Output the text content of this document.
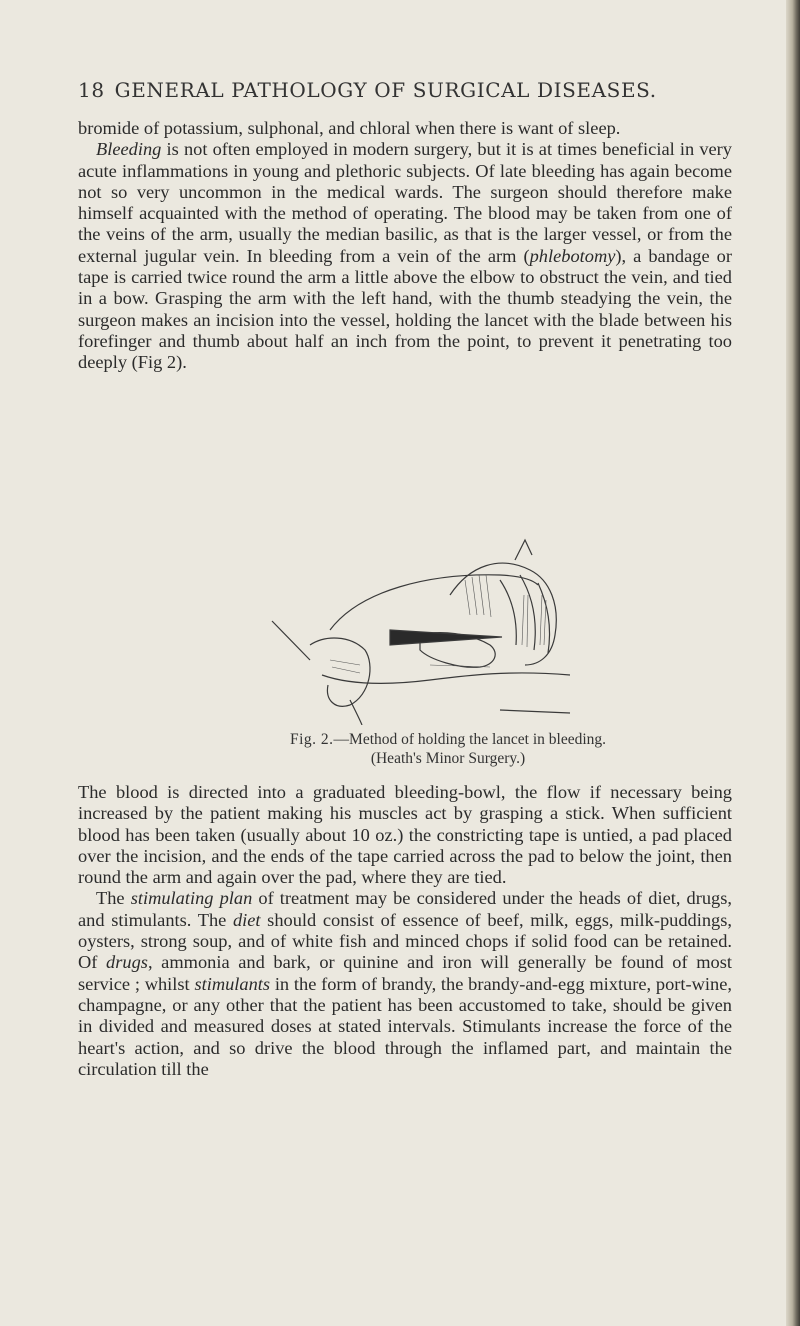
18 GENERAL PATHOLOGY OF SURGICAL DISEASES.

bromide of potassium, sulphonal, and chloral when there is want of sleep.

Bleeding is not often employed in modern surgery, but it is at times beneficial in very acute inflammations in young and plethoric subjects. Of late bleeding has again become not so very uncommon in the medical wards. The surgeon should therefore make himself acquainted with the method of operating. The blood may be taken from one of the veins of the arm, usually the median basilic, as that is the larger vessel, or from the external jugular vein. In bleeding from a vein of the arm (phlebotomy), a bandage or tape is carried twice round the arm a little above the elbow to obstruct the vein, and tied in a bow. Grasping the arm with the left hand, with the thumb steadying the vein, the surgeon makes an incision into the vessel, holding the lancet with the blade between his forefinger and thumb about half an inch from the point, to prevent it penetrating too deeply (Fig 2).

Fig. 2.—Method of holding the lancet in bleeding.
(Heath's Minor Surgery.)

The blood is directed into a graduated bleeding-bowl, the flow if necessary being increased by the patient making his muscles act by grasping a stick. When sufficient blood has been taken (usually about 10 oz.) the constricting tape is untied, a pad placed over the incision, and the ends of the tape carried across the pad to below the joint, then round the arm and again over the pad, where they are tied.

The stimulating plan of treatment may be considered under the heads of diet, drugs, and stimulants. The diet should consist of essence of beef, milk, eggs, milk-puddings, oysters, strong soup, and of white fish and minced chops if solid food can be retained. Of drugs, ammonia and bark, or quinine and iron will generally be found of most service ; whilst stimulants in the form of brandy, the brandy-and-egg mixture, port-wine, champagne, or any other that the patient has been accustomed to take, should be given in divided and measured doses at stated intervals. Stimulants increase the force of the heart's action, and so drive the blood through the inflamed part, and maintain the circulation till the
